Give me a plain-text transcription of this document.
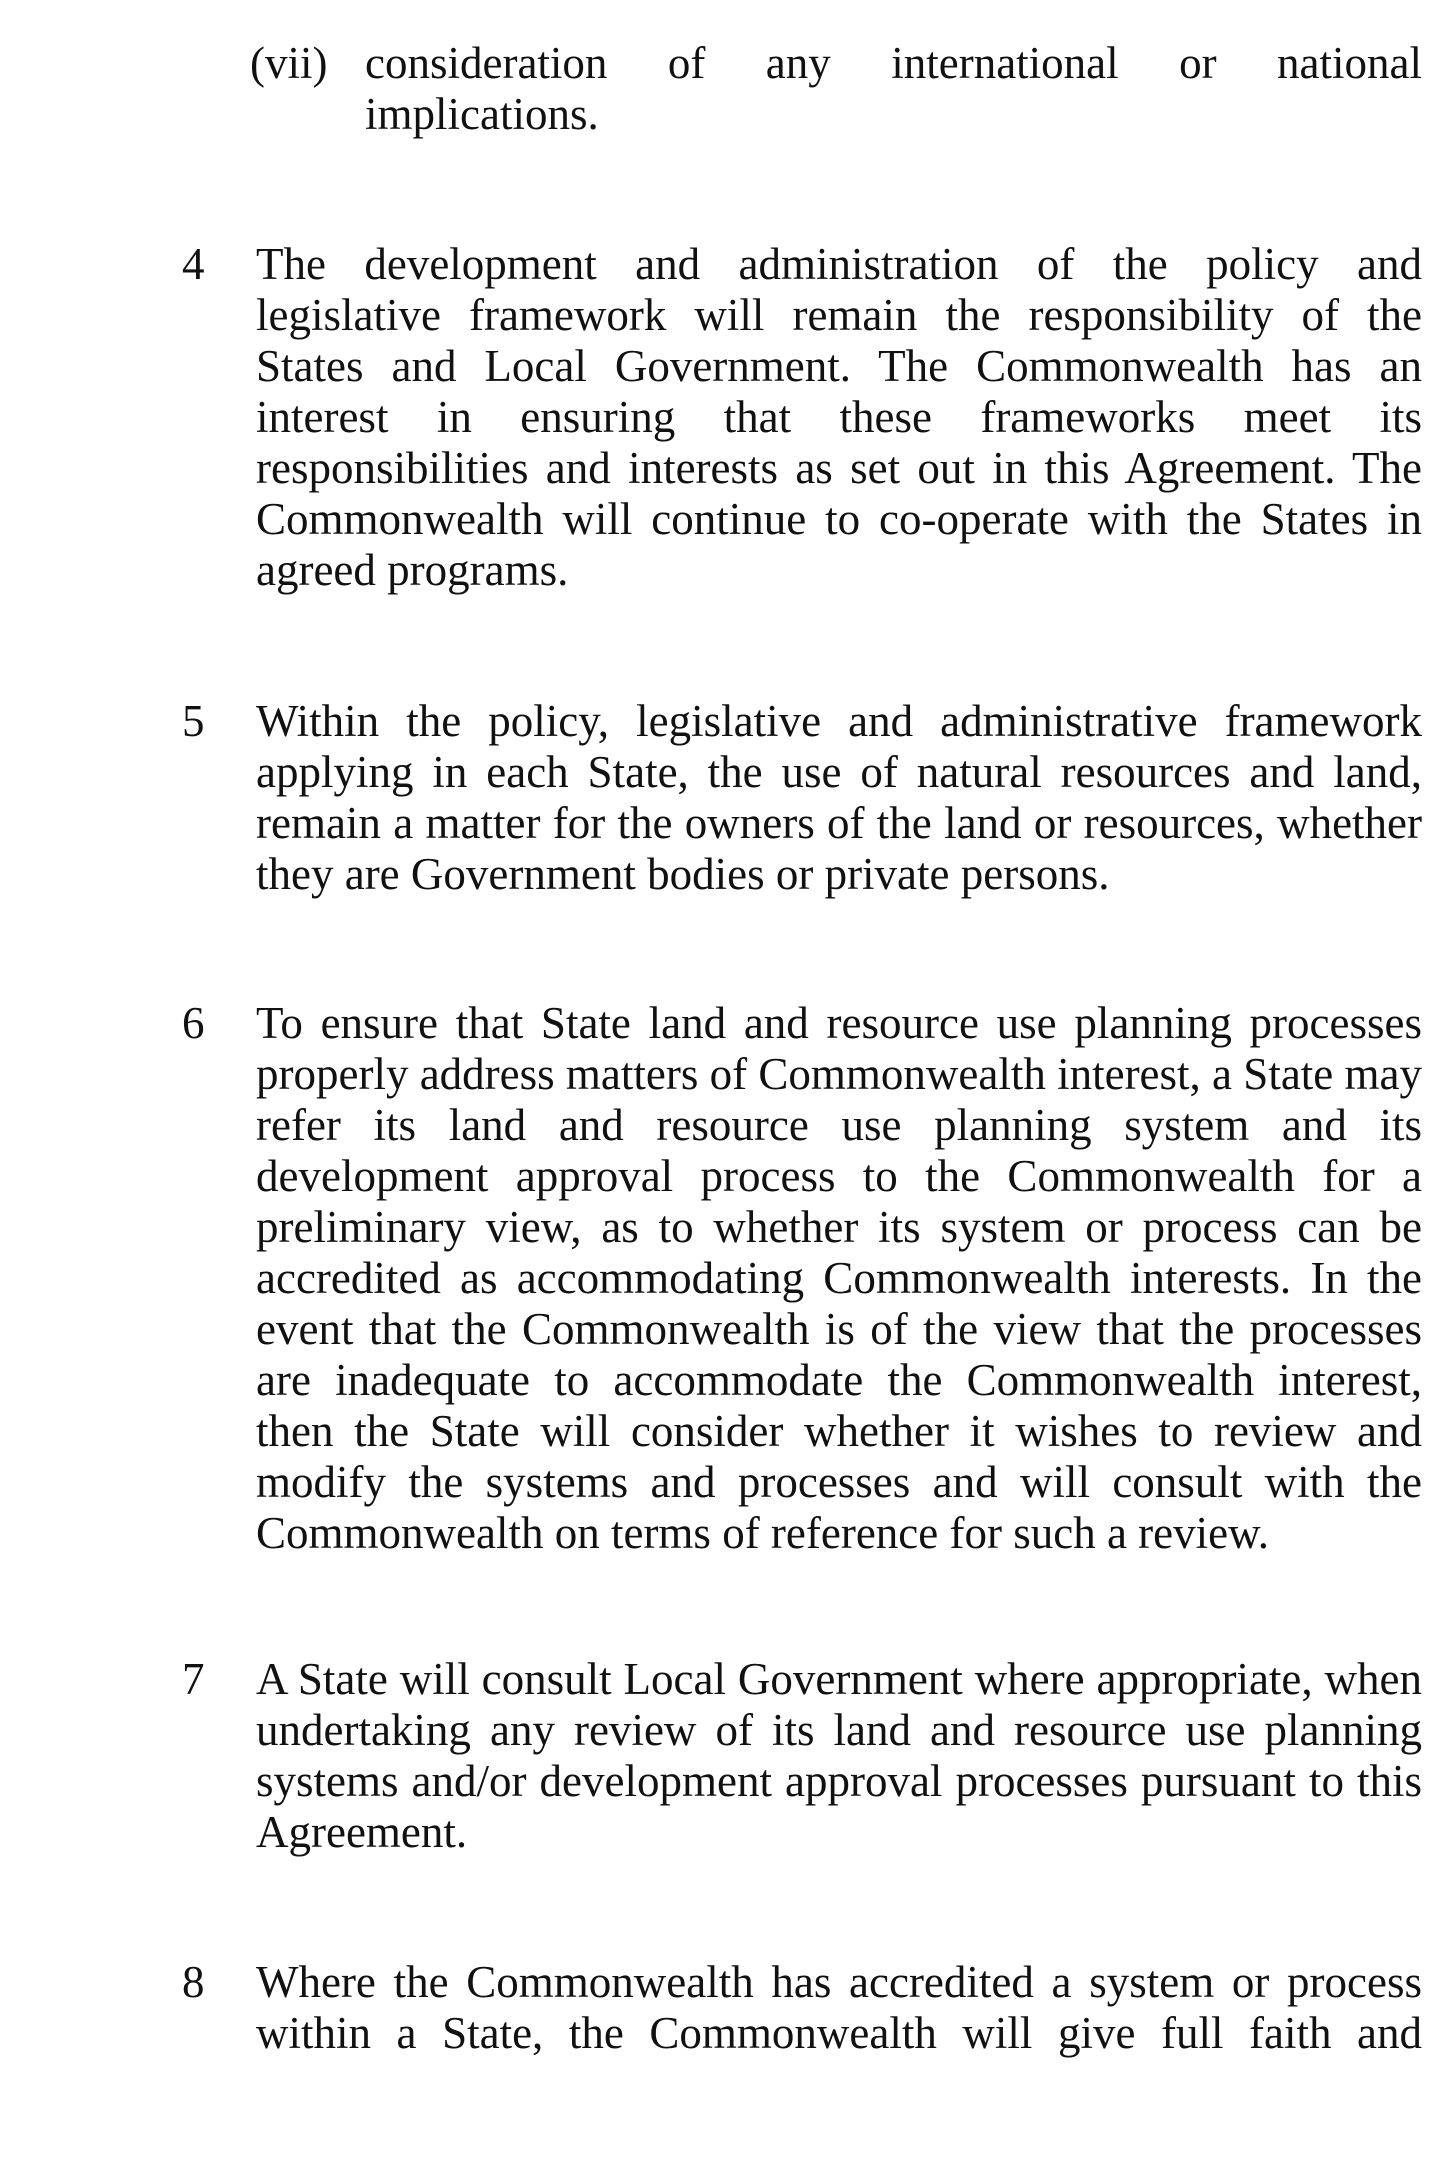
(vii) consideration of any international or national
implications.
4	The development and administration of the policy and legislative framework will remain the responsibility of the States and Local Government. The Commonwealth has an interest in ensuring that these frameworks meet its responsibilities and interests as set out in this Agreement. The Commonwealth will continue to co-operate with the States in agreed programs.
5	Within the policy, legislative and administrative framework applying in each State, the use of natural resources and land, remain a matter for the owners of the land or resources, whether they are Government bodies or private persons.
6	To ensure that State land and resource use planning processes properly address matters of Commonwealth interest, a State may refer its land and resource use planning system and its development approval process to the Commonwealth for a preliminary view, as to whether its system or process can be accredited as accommodating Commonwealth interests. In the event that the Commonwealth is of the view that the processes are inadequate to accommodate the Commonwealth interest, then the State will consider whether it wishes to review and modify the systems and processes and will consult with the Commonwealth on terms of reference for such a review.
7	A State will consult Local Government where appropriate, when undertaking any review of its land and resource use planning systems and/or development approval processes pursuant to this Agreement.
8	Where the Commonwealth has accredited a system or process within a State, the Commonwealth will give full faith and
